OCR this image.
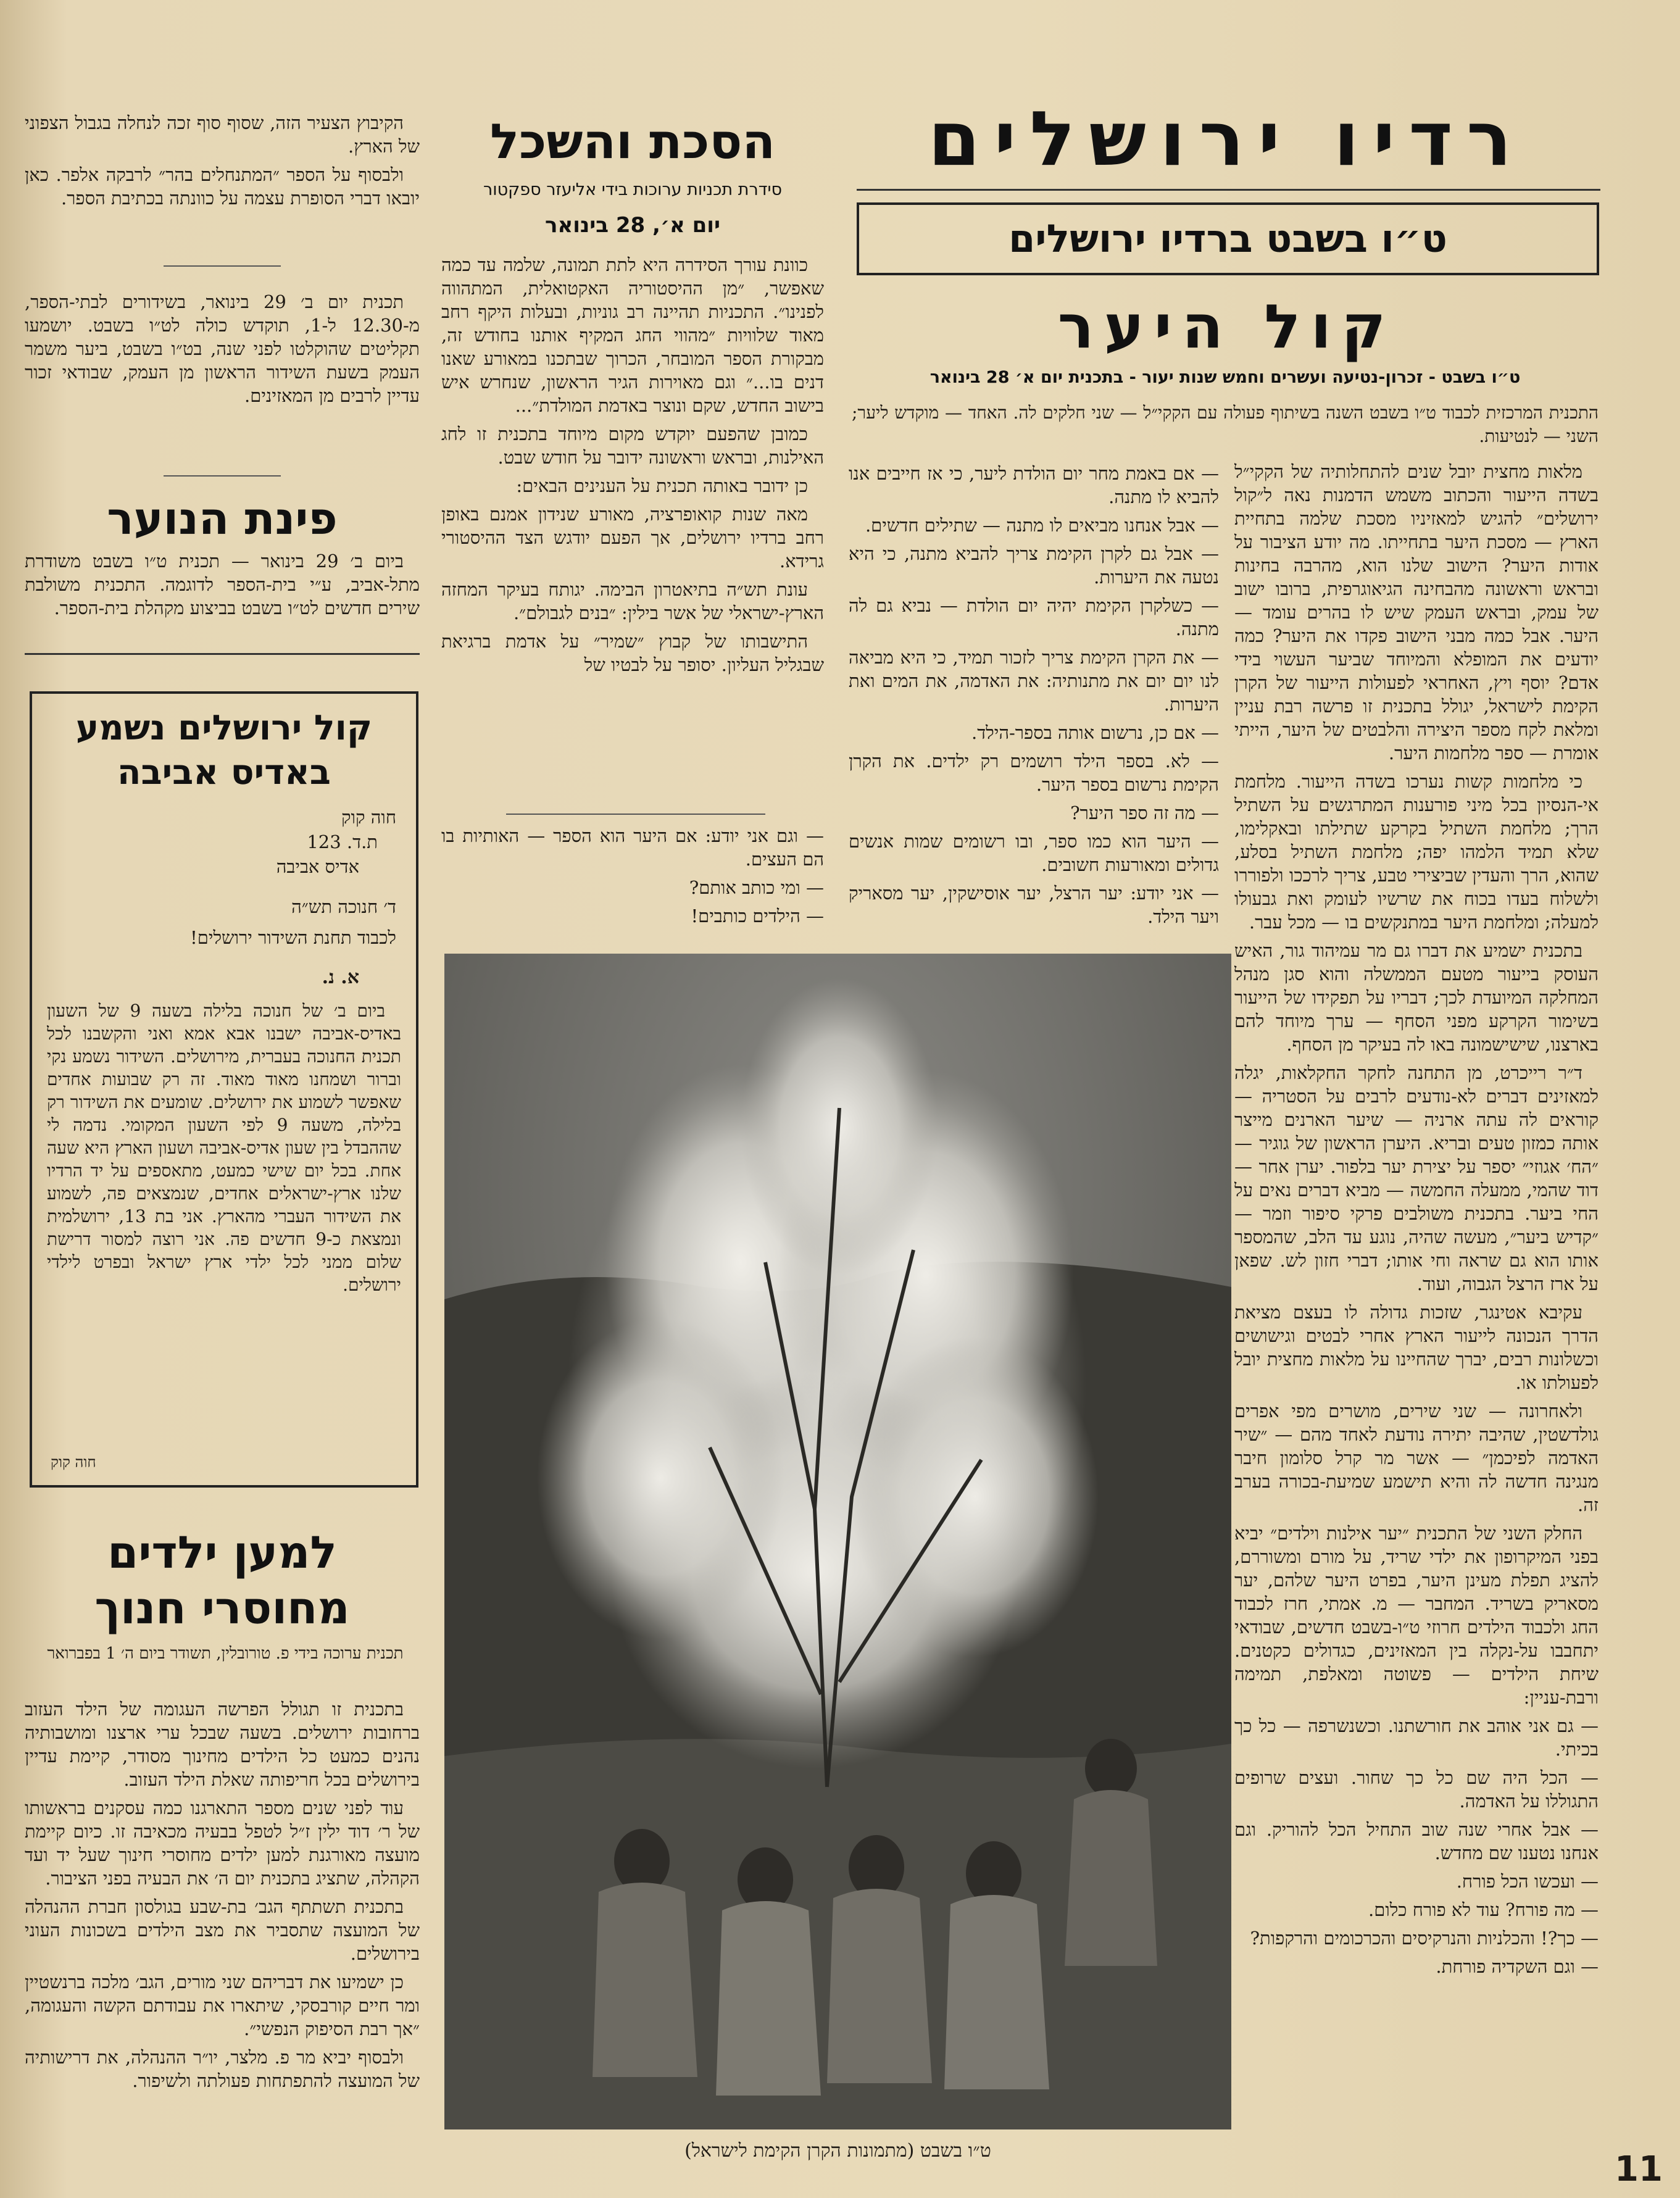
רדיו ירושלים
ט״ו בשבט ברדיו ירושלים
קול היער
ט״ו בשבט - זכרון-נטיעה ועשרים וחמש שנות יעור - בתכנית יום א׳ 28 בינואר
התכנית המרכזית לכבוד ט״ו בשבט השנה בשיתוף פעולה עם הקקי״ל — שני חלקים לה. האחד — מוקדש ליער; השני — לנטיעות.

מלאות מחצית יובל שנים להתחלותיה של הקקי״ל בשדה הייעור והכתוב משמש הדמנות נאה ל״קול ירושלים״ להגיש למאזיניו מסכת שלמה בתחיית הארץ — מסכת היער בתחייתו. מה יודע הציבור על אודות היער? הישוב שלנו הוא, מהרבה בחינות ובראש וראשונה מהבחינה הגיאוגרפית, ברובו ישוב של עמק, ובראש העמק שיש לו בהרים עומד — היער. אבל כמה מבני הישוב פקדו את היער? כמה יודעים את המופלא והמיוחד שביער העשוי בידי אדם? יוסף ויץ, האחראי לפעולות הייעור של הקרן הקימת לישראל, יגולל בתכנית זו פרשה רבת עניין ומלאת לקח מספר היצירה והלבטים של היער, הייתי אומרת — ספר מלחמות היער.

כי מלחמות קשות נערכו בשדה הייעור. מלחמת אי-הנסיון בכל מיני פורענות המתרגשים על השתיל הרך; מלחמת השתיל בקרקע שתילתו ובאקלימו, שלא תמיד הלמהו יפה; מלחמת השתיל בסלע, שהוא, הרך והעדין שביצירי טבע, צריך לרככו ולפוררו ולשלוח בעדו בכוח את שרשיו לעומק ואת גבעולו למעלה; ומלחמת היער במתנקשים בו — מכל עבר.

בתכנית ישמיע את דברו גם מר עמיהוד גור, האיש העוסק בייעור מטעם הממשלה והוא סגן מנהל המחלקה המיועדת לכך; דבריו על תפקידו של הייעור בשימור הקרקע מפני הסחף — ערך מיוחד להם בארצנו, שישישמונה באו לה בעיקר מן הסחף.

ד״ר רייכרט, מן התחנה לחקר החקלאות, יגלה למאזינים דברים לא-נודעים לרבים על הסטריה — קוראים לה עתה ארניה — שיער הארנים מייצר אותה כמזון טעים ובריא. היערן הראשון של גוגיר — ״הח׳ אגוזי״ יספר על יצירת יער בלפור. יערן אחר — דוד שהמי, ממעלה החמשה — מביא דברים נאים על החי ביער. בתכנית משולבים פרקי סיפור וזמר — ״קדיש ביער״, מעשה שהיה, נוגע עד הלב, שהמספר אותו הוא גם שראה וחי אותו; דברי חזון לש. שפאן על ארז הרצל הגבוה, ועוד.

עקיבא אטינגר, שזכות גדולה לו בעצם מציאת הדרך הנכונה לייעור הארץ אחרי לבטים וגישושים וכשלונות רבים, יברך שהחיינו על מלאות מחצית יובל לפעולתו או.

ולאחרונה — שני שירים, מושרים מפי אפרים גולדשטין, שהיבה יתירה נודעת לאחד מהם — ״שיר האדמה לפיכמן״ — אשר מר קרל סלומון חיבר מנגינה חדשה לה והיא תישמע שמיעת-בכורה בערב זה.

החלק השני של התכנית ״יער אילנות וילדים״ יביא בפני המיקרופון את ילדי שריד, על מורם ומשוררם, להציג תפלת מעינן היער, בפרט היער שלהם, יער מסאריק בשריד. המחבר — מ. אמתי, חרז לכבוד החג ולכבוד הילדים חרוזי ט״ו-בשבט חדשים, שבודאי יתחבבו על-נקלה בין המאזינים, כגדולים כקטנים. שיחת הילדים — פשוטה ומאלפת, תמימה ורבת-עניין:

— גם אני אוהב את חורשתנו. וכשנשרפה — כל כך בכיתי.

— הכל היה שם כל כך שחור. ועצים שרופים התגוללו על האדמה.

— אבל אחרי שנה שוב התחיל הכל להוריק. וגם אנחנו נטענו שם מחדש.

— ועכשו הכל פורח.

— מה פורח? עוד לא פורח כלום.

— כך?! והכלניות והנרקיסים והכרכומים והרקפות?

— וגם השקדיה פורחת.

— אם באמת מחר יום הולדת ליער, כי אז חייבים אנו להביא לו מתנה.

— אבל אנחנו מביאים לו מתנה — שתילים חדשים.

— אבל גם לקרן הקימת צריך להביא מתנה, כי היא נטעה את היערות.

— כשלקרן הקימת יהיה יום הולדת — נביא גם לה מתנה.

— את הקרן הקימת צריך לזכור תמיד, כי היא מביאה לנו יום יום את מתנותיה: את האדמה, את המים ואת היערות.

— אם כן, נרשום אותה בספר-הילד.

— לא. בספר הילד רושמים רק ילדים. את הקרן הקימת נרשום בספר היער.

— מה זה ספר היער?

— היער הוא כמו ספר, ובו רשומים שמות אנשים גדולים ומאורעות חשובים.

— אני יודע: יער הרצל, יער אוסישקין, יער מסאריק ויער הילד.

הסכת והשכל
סידרת תכניות ערוכות בידי אליעזר ספקטור
יום א׳, 28 בינואר

כוונת עורך הסידרה היא לתת תמונה, שלמה עד כמה שאפשר, ״מן ההיסטוריה האקטואלית, המתהווה לפנינו״. התכניות תהיינה רב גוניות, ובעלות היקף רחב מאוד שלוויות ״מהווי החג המקיף אותנו בחודש זה, מבקורת הספר המובחר, הכרוך שבתכנו במאורע שאנו דנים בו...״ וגם מאוירות הגיר הראשון, שנחרש איש בישוב החדש, שקם ונוצר באדמת המולדת״...

כמובן שהפעם יוקדש מקום מיוחד בתכנית זו לחג האילנות, ובראש וראשונה ידובר על חודש שבט.

כן ידובר באותה תכנית על הענינים הבאים:

מאה שנות קואופרציה, מאורע שנידון אמנם באופן רחב ברדיו ירושלים, אך הפעם יודגש הצד ההיסטורי גרידא.

עונת תש״ה בתיאטרון הבימה. יגותח בעיקר המחזה הארץ-ישראלי של אשר בילין: ״בנים לגבולם״.

התישבותו של קבוץ ״שמיר״ על אדמת ברגיאת שבגליל העליון. יסופר על לבטיו של

— וגם אני יודע: אם היער הוא הספר — האותיות בו הם העצים.

— ומי כותב אותם?

— הילדים כותבים!

הקיבוץ הצעיר הזה, שסוף סוף זכה לנחלה בגבול הצפוני של הארץ.

ולבסוף על הספר ״המתנחלים בהר״ לרבקה אלפר. כאן יובאו דברי הסופרת עצמה על כוונתה בכתיבת הספר.

תכנית יום ב׳ 29 בינואר, בשידורים לבתי-הספר, מ-12.30 ל-1, תוקדש כולה לט״ו בשבט. יושמעו תקליטים שהוקלטו לפני שנה, בט״ו בשבט, ביער משמר העמק בשעת השידור הראשון מן העמק, שבודאי זכור עדיין לרבים מן המאזינים.

פינת הנוער

ביום ב׳ 29 בינואר — תכנית ט״ו בשבט משודרת מתל-אביב, ע״י בית-הספר לדוגמה. התכנית משולבת שירים חדשים לט״ו בשבט בביצוע מקהלת בית-הספר.

קול ירושלים נשמע
באדיס אביבה
חוה קוק
ת.ד. 123
אדיס אביבה
ד׳ חנוכה תש״ה
לכבוד תחנת השידור ירושלים!
א. נ.

ביום ב׳ של חנוכה בלילה בשעה 9 של השעון באדיס-אביבה ישבנו אבא אמא ואני והקשבנו לכל תכנית החנוכה בעברית, מירושלים. השידור נשמע נקי וברור ושמחנו מאוד מאוד. זה רק שבועות אחדים שאפשר לשמוע את ירושלים. שומעים את השידור רק בלילה, משעה 9 לפי השעון המקומי. נדמה לי שההבדל בין שעון אדיס-אביבה ושעון הארץ היא שעה אחת. בכל יום שישי כמעט, מתאספים על יד הרדיו שלנו ארץ-ישראלים אחדים, שנמצאים פה, לשמוע את השידור העברי מהארץ. אני בת 13, ירושלמית ונמצאת כ-9 חדשים פה. אני רוצה למסור דרישת שלום ממני לכל ילדי ארץ ישראל ובפרט לילדי ירושלים.

חוה קוק
למען ילדים
מחוסרי חנוך
תכנית ערוכה בידי פ. טורובלין, תשודר ביום ה׳ 1 בפברואר

בתכנית זו תגולל הפרשה העגומה של הילד העזוב ברחובות ירושלים. בשעה שבכל ערי ארצנו ומושבותיה נהנים כמעט כל הילדים מחינוך מסודר, קיימת עדיין בירושלים בכל חריפותה שאלת הילד העזוב.

עוד לפני שנים מספר התארגנו כמה עסקנים בראשותו של ר׳ דוד ילין ז״ל לטפל בבעיה מכאיבה זו. כיום קיימת מועצה מאורגנת למען ילדים מחוסרי חינוך שעל יד ועד הקהלה, שתציג בתכנית יום ה׳ את הבעיה בפני הציבור.

בתכנית תשתתף הגב׳ בת-שבע בגולסון חברת ההנהלה של המועצה שתסביר את מצב הילדים בשכונות העוני בירושלים.

כן ישמיעו את דבריהם שני מורים, הגב׳ מלכה ברנשטיין ומר חיים קורבסקי, שיתארו את עבודתם הקשה והעגומה, ״אך רבת הסיפוק הנפשי״.

ולבסוף יביא מר פ. מלצר, יו״ר ההנהלה, את דרישותיה של המועצה להתפתחות פעולתה ולשיפור.

ט״ו בשבט (מתמונות הקרן הקימת לישראל)	11
